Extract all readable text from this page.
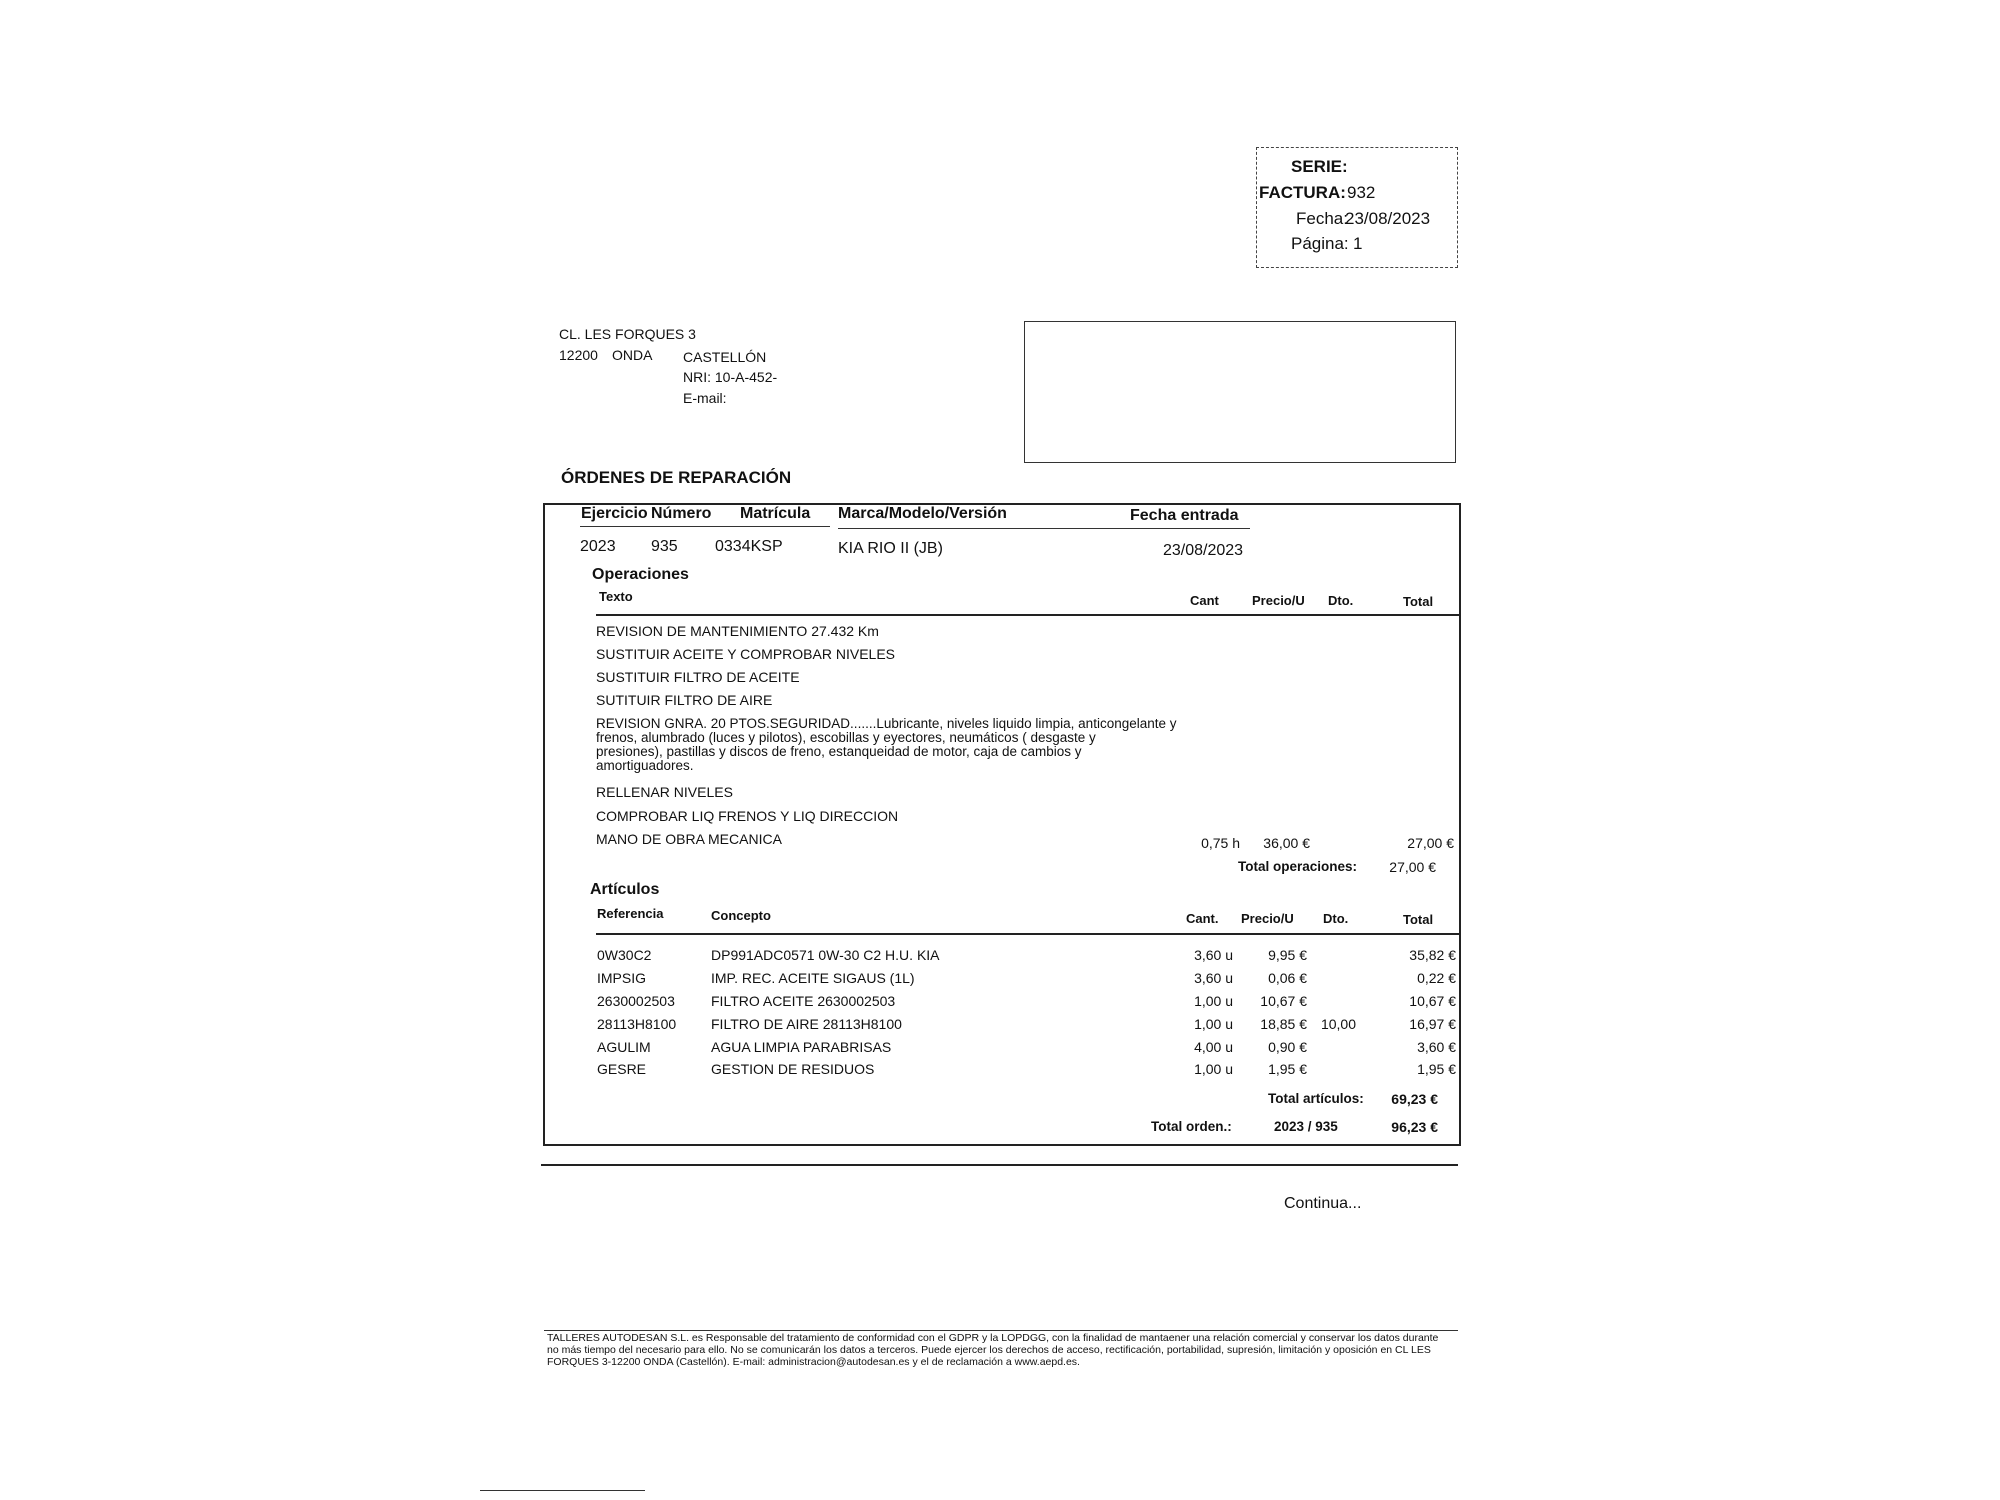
SERIE:
FACTURA: 932
Fecha:
23/08/2023
Página: 1
CL. LES FORQUES 3
12200 ONDA CASTELLÓN
NRI: 10-A-452-
E-mail:
ÓRDENES DE REPARACIÓN
Ejercicio Número Matrícula Marca/Modelo/Versión	Fecha entrada
2023 935 0334KSP	KIA RIO II (JB)	23/08/2023
Operaciones
Texto	Cant	Precio/U Dto.	Total
REVISION DE MANTENIMIENTO 27.432 Km
SUSTITUIR ACEITE Y COMPROBAR NIVELES
SUSTITUIR FILTRO DE ACEITE
SUTITUIR FILTRO DE AIRE
REVISION GNRA. 20 PTOS.SEGURIDAD.......Lubricante, niveles liquido limpia, anticongelante y
frenos, alumbrado (luces y pilotos), escobillas y eyectores, neumáticos ( desgaste y
presiones), pastillas y discos de freno, estanqueidad de motor, caja de cambios y
amortiguadores.
RELLENAR NIVELES
COMPROBAR LIQ FRENOS Y LIQ DIRECCION
MANO DE OBRA MECANICA	0,75 h	36,00 €	27,00 €
Total operaciones:	27,00 €
Artículos
Referencia	Concepto	Cant. Precio/U Dto.	Total
0W30C2	DP991ADC0571 0W-30 C2 H.U. KIA	3,60 u	9,95 €	35,82 €
IMPSIG	IMP. REC. ACEITE SIGAUS (1L)	3,60 u	0,06 €	0,22 €
2630002503	FILTRO ACEITE 2630002503	1,00 u	10,67 €	10,67 €
28113H8100 FILTRO DE AIRE 28113H8100	1,00 u	18,85 € 10,00	16,97 €
AGULIM	AGUA LIMPIA PARABRISAS	4,00 u	0,90 €	3,60 €
GESRE	GESTION DE RESIDUOS	1,00 u	1,95 €	1,95 €
Total artículos:	69,23 €
Total orden.:	2023 / 935	96,23 €
Continua...
TALLERES AUTODESAN S.L. es Responsable del tratamiento de conformidad con el GDPR y la LOPDGG, con la finalidad de mantaener una relación comercial y conservar los datos durante no más tiempo del necesario para ello. No se comunicarán los datos a terceros. Puede ejercer los derechos de acceso, rectificación, portabilidad, supresión, limitación y oposición en CL LES FORQUES 3-12200 ONDA (Castellón). E-mail: administracion@autodesan.es y el de reclamación a www.aepd.es.
